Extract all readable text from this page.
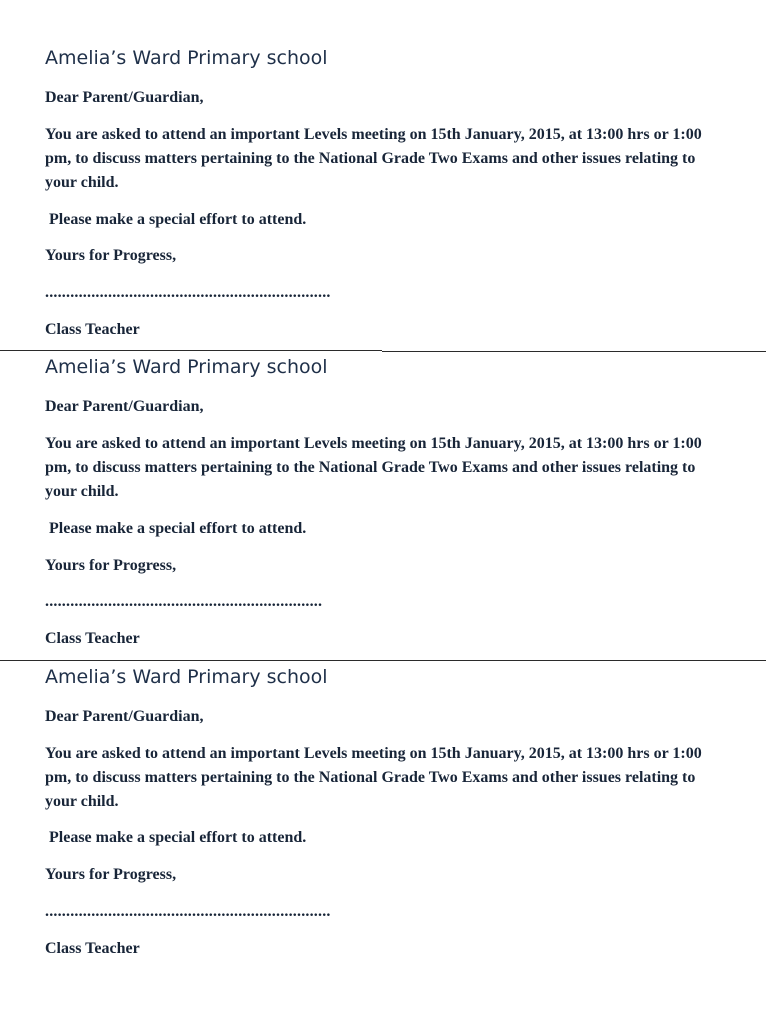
Amelia’s Ward Primary school
Dear Parent/Guardian,
You are asked to attend an important Levels meeting on 15th January, 2015, at 13:00 hrs or 1:00 pm, to discuss matters pertaining to the National Grade Two Exams and other issues relating to your child.
Please make a special effort to attend.
Yours for Progress,
....................................................................
Class Teacher
Amelia’s Ward Primary school
Dear Parent/Guardian,
You are asked to attend an important Levels meeting on 15th January, 2015, at 13:00 hrs or 1:00 pm, to discuss matters pertaining to the National Grade Two Exams and other issues relating to your child.
Please make a special effort to attend.
Yours for Progress,
..................................................................
Class Teacher
Amelia’s Ward Primary school
Dear Parent/Guardian,
You are asked to attend an important Levels meeting on 15th January, 2015, at 13:00 hrs or 1:00 pm, to discuss matters pertaining to the National Grade Two Exams and other issues relating to your child.
Please make a special effort to attend.
Yours for Progress,
....................................................................
Class Teacher
